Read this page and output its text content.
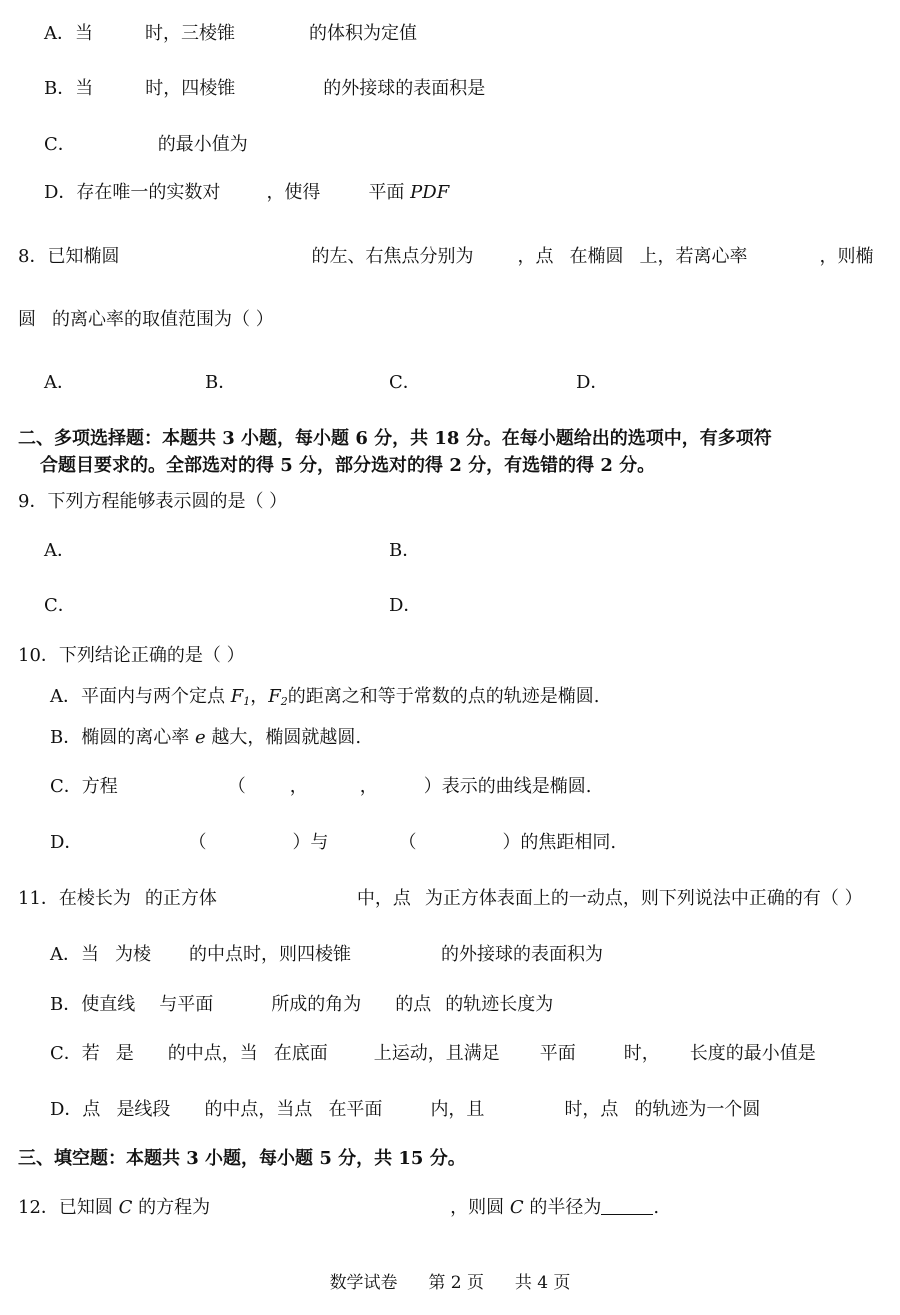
A．当	时，三棱锥	的体积为定值
B．当	时，四棱锥	的外接球的表面积是
C．	的最小值为
D．存在唯一的实数对	，使得	平面 PDF
8．已知椭圆	的左、右焦点分别为 ，点 在椭圆 上，若离心率	，则椭
圆 的离心率的取值范围为（ ）
A．	B．	C．	D．
二、多项选择题：本题共 3 小题，每小题 6 分，共 18 分。在每小题给出的选项中，有多项符
合题目要求的。全部选对的得 5 分，部分选对的得 2 分，有选错的得 2 分。
9．下列方程能够表示圆的是（ ）
A．	B．
C．	D．
10．下列结论正确的是（ ）
A．平面内与两个定点 $F_1$，$F_2$的距离之和等于常数的点的轨迹是椭圆.
B．椭圆的离心率 e 越大，椭圆就越圆.
C．方程	（ ，	，	）表示的曲线是椭圆.
D．	（	）与	（	）的焦距相同.
11．在棱长为 的正方体	中，点 为正方体表面上的一动点，则下列说法中正确的有（ ）
A．当 为棱 的中点时，则四棱锥	的外接球的表面积为
B．使直线 与平面	所成的角为 的点 的轨迹长度为
C．若 是 的中点，当 在底面	上运动，且满足 平面	时， 长度的最小值是
D．点 是线段 的中点，当点 在平面	内，且	时，点 的轨迹为一个圆
三、填空题：本题共 3 小题，每小题 5 分，共 15 分。
12．已知圆 C 的方程为	，则圆 C 的半径为	.
数学试卷 第 2 页 共 4 页
